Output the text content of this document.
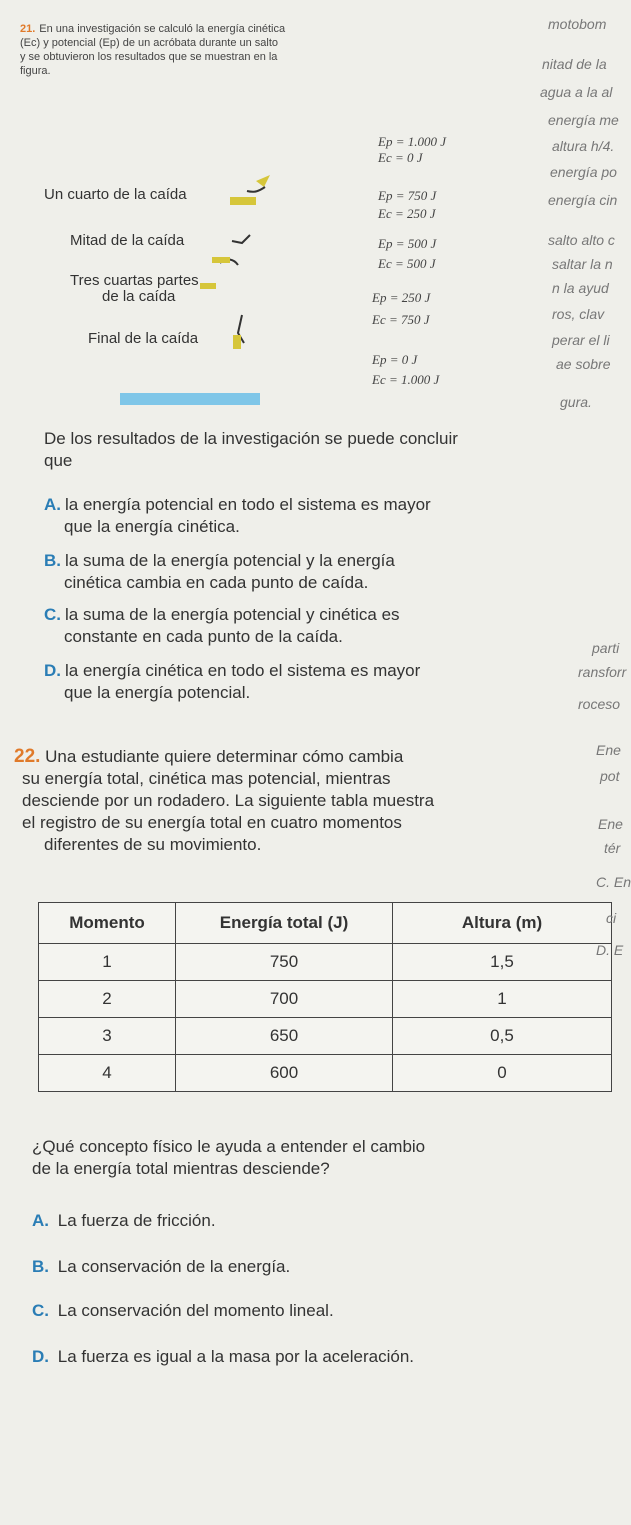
21. En una investigación se calculó la energía cinética
(Ec) y potencial (Ep) de un acróbata durante un salto
y se obtuvieron los resultados que se muestran en la
figura.
Un cuarto de la caída
Mitad de la caída
Tres cuartas partes
de la caída
Final de la caída
Ep = 1.000 J
Ec = 0 J
Ep = 750 J
Ec = 250 J
Ep = 500 J
Ec = 500 J
Ep = 250 J
Ec = 750 J
Ep = 0 J
Ec = 1.000 J
De los resultados de la investigación se puede concluir
que
A. la energía potencial en todo el sistema es mayor
que la energía cinética.
B. la suma de la energía potencial y la energía
cinética cambia en cada punto de caída.
C. la suma de la energía potencial y cinética es
constante en cada punto de la caída.
D. la energía cinética en todo el sistema es mayor
que la energía potencial.
22. Una estudiante quiere determinar cómo cambia
su energía total, cinética mas potencial, mientras
desciende por un rodadero. La siguiente tabla muestra
el registro de su energía total en cuatro momentos
diferentes de su movimiento.
Momento	Energía total (J)	Altura (m)
1	750	1,5
2	700	1
3	650	0,5
4	600	0
¿Qué concepto físico le ayuda a entender el cambio
de la energía total mientras desciende?
A. La fuerza de fricción.
B. La conservación de la energía.
C. La conservación del momento lineal.
D. La fuerza es igual a la masa por la aceleración.
motobom
nitad de la
agua a la al
energía me
altura h/4.
energía po
energía cin
salto alto c
saltar la n
n la ayud
ros, clav
perar el li
ae sobre
gura.
parti
ransforr
roceso
Ene
pot
Ene
tér
C. En
ci
D. E
